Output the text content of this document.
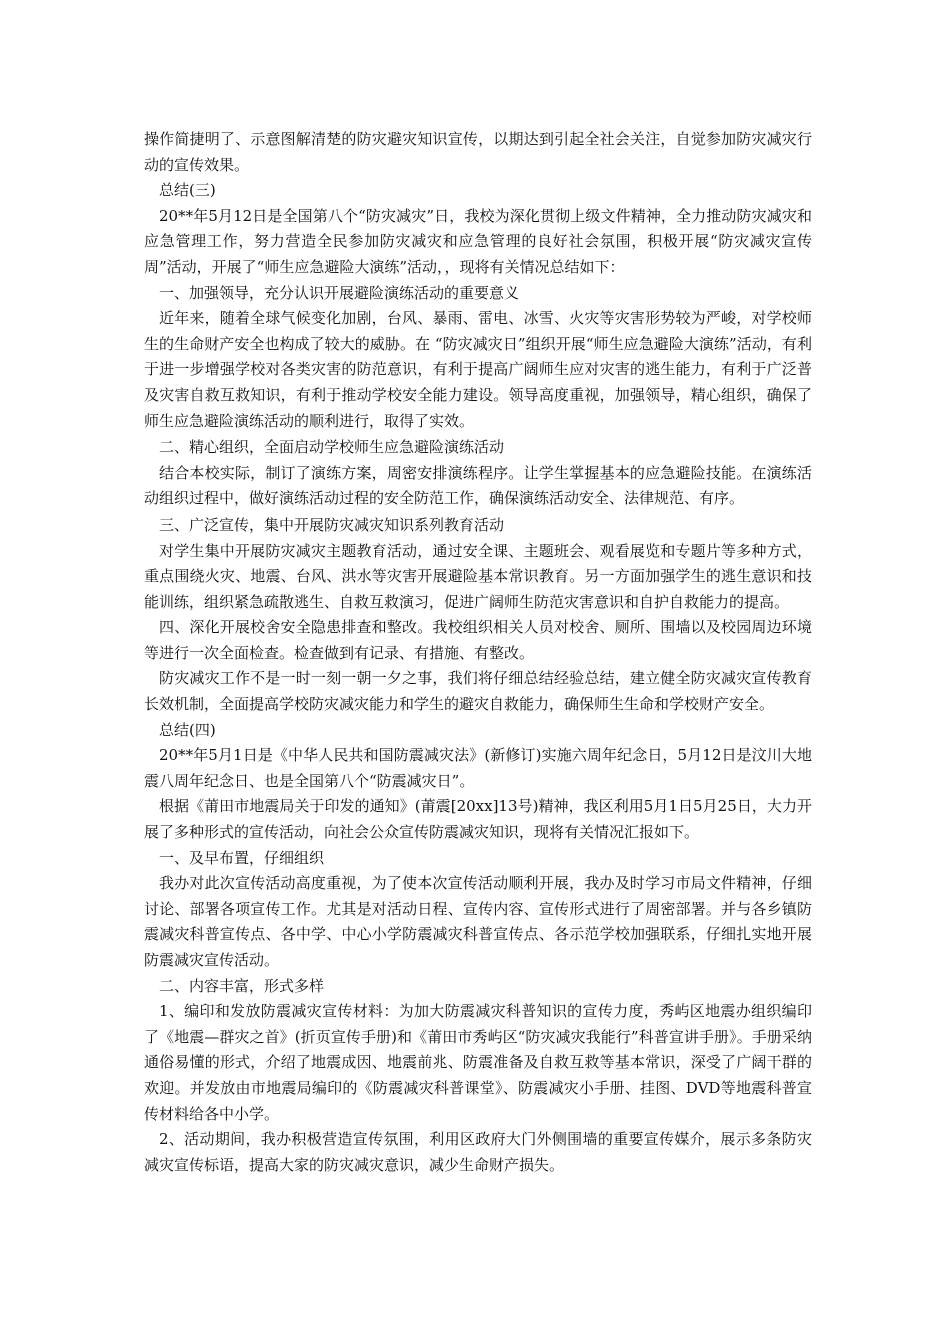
操作简捷明了、示意图解清楚的防灾避灾知识宣传，以期达到引起全社会关注，自觉参加防灾减灾行动的宣传效果。

总结(三)

20**年5月12日是全国第八个“防灾减灾”日，我校为深化贯彻上级文件精神，全力推动防灾减灾和应急管理工作，努力营造全民参加防灾减灾和应急管理的良好社会氛围，积极开展“防灾减灾宣传周”活动，开展了“师生应急避险大演练”活动，，现将有关情况总结如下：

一、加强领导，充分认识开展避险演练活动的重要意义

近年来，随着全球气候变化加剧，台风、暴雨、雷电、冰雪、火灾等灾害形势较为严峻，对学校师生的生命财产安全也构成了较大的威胁。在 “防灾减灾日”组织开展“师生应急避险大演练”活动，有利于进一步增强学校对各类灾害的防范意识，有利于提高广阔师生应对灾害的逃生能力，有利于广泛普及灾害自救互救知识，有利于推动学校安全能力建设。领导高度重视，加强领导，精心组织，确保了师生应急避险演练活动的顺利进行，取得了实效。

二、精心组织，全面启动学校师生应急避险演练活动

结合本校实际，制订了演练方案，周密安排演练程序。让学生掌握基本的应急避险技能。在演练活动组织过程中，做好演练活动过程的安全防范工作，确保演练活动安全、法律规范、有序。

三、广泛宣传，集中开展防灾减灾知识系列教育活动

对学生集中开展防灾减灾主题教育活动，通过安全课、主题班会、观看展览和专题片等多种方式，重点围绕火灾、地震、台风、洪水等灾害开展避险基本常识教育。另一方面加强学生的逃生意识和技能训练，组织紧急疏散逃生、自救互救演习，促进广阔师生防范灾害意识和自护自救能力的提高。

四、深化开展校舍安全隐患排查和整改。我校组织相关人员对校舍、厕所、围墙以及校园周边环境等进行一次全面检查。检查做到有记录、有措施、有整改。

防灾减灾工作不是一时一刻一朝一夕之事，我们将仔细总结经验总结，建立健全防灾减灾宣传教育长效机制，全面提高学校防灾减灾能力和学生的避灾自救能力，确保师生生命和学校财产安全。

总结(四)

20**年5月1日是《中华人民共和国防震减灾法》(新修订)实施六周年纪念日，5月12日是汶川大地震八周年纪念日、也是全国第八个“防震减灾日”。

根据《莆田市地震局关于印发的通知》(莆震[20xx]13号)精神，我区利用5月1日5月25日，大力开展了多种形式的宣传活动，向社会公众宣传防震减灾知识，现将有关情况汇报如下。

一、及早布置，仔细组织

我办对此次宣传活动高度重视，为了使本次宣传活动顺利开展，我办及时学习市局文件精神，仔细讨论、部署各项宣传工作。尤其是对活动日程、宣传内容、宣传形式进行了周密部署。并与各乡镇防震减灾科普宣传点、各中学、中心小学防震减灾科普宣传点、各示范学校加强联系，仔细扎实地开展防震减灾宣传活动。

二、内容丰富，形式多样

1、编印和发放防震减灾宣传材料：为加大防震减灾科普知识的宣传力度，秀屿区地震办组织编印了《地震—群灾之首》(折页宣传手册)和《莆田市秀屿区“防灾减灾我能行”科普宣讲手册》。手册采纳通俗易懂的形式，介绍了地震成因、地震前兆、防震准备及自救互救等基本常识，深受了广阔干群的欢迎。并发放由市地震局编印的《防震减灾科普课堂》、防震减灾小手册、挂图、DVD等地震科普宣传材料给各中小学。

2、活动期间，我办积极营造宣传氛围，利用区政府大门外侧围墙的重要宣传媒介，展示多条防灾减灾宣传标语，提高大家的防灾减灾意识，减少生命财产损失。
